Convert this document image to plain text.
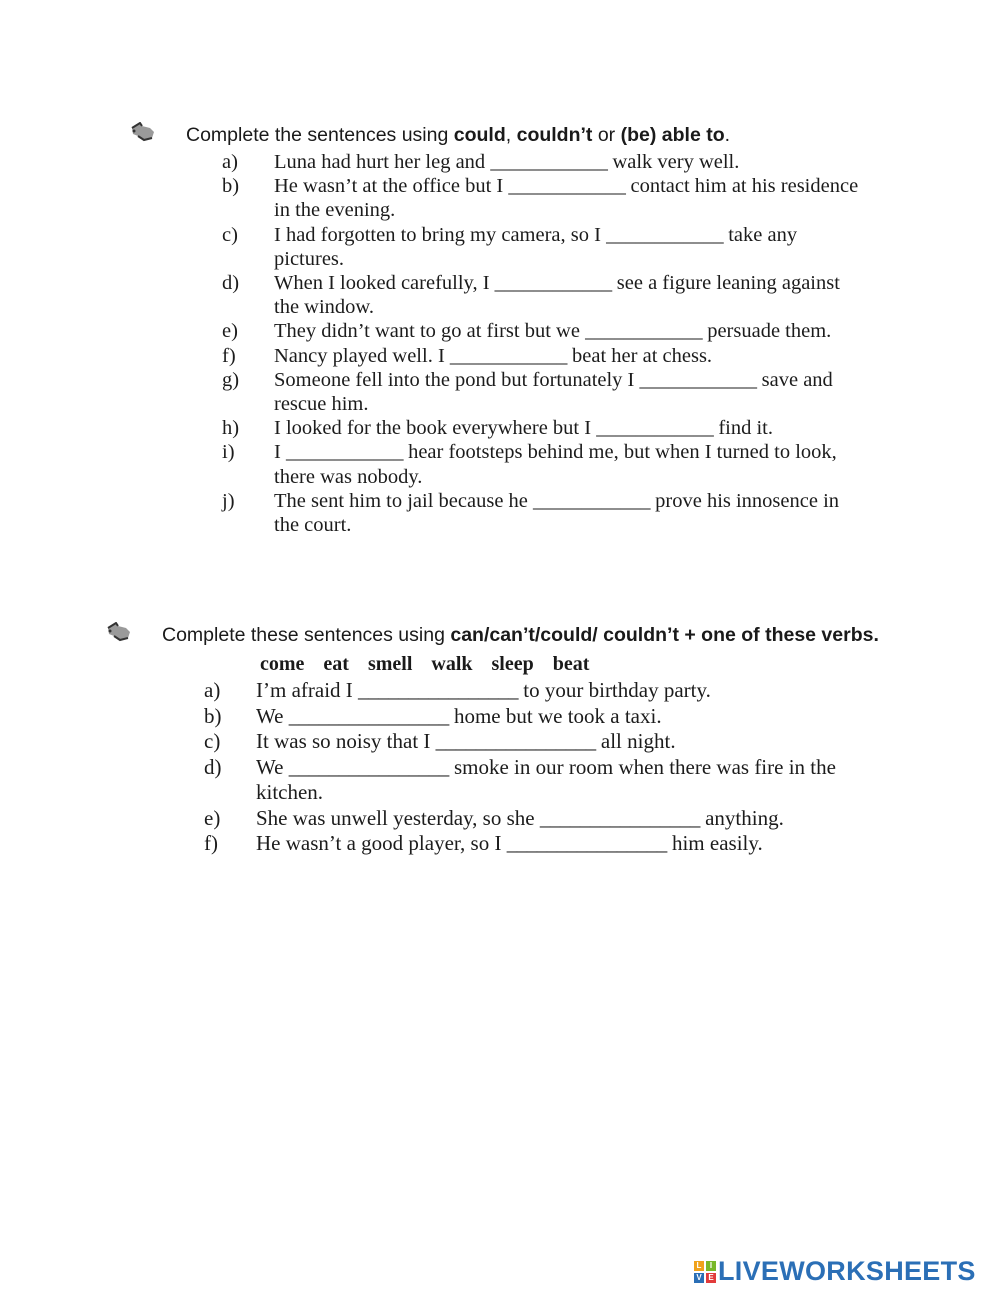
Complete the sentences using could, couldn’t or (be) able to.
a)	Luna had hurt her leg and ____________ walk very well.
b)	He wasn’t at the office but I ____________ contact him at his residence in the evening.
c)	I had forgotten to bring my camera, so I ____________ take any pictures.
d)	When I looked carefully, I ____________ see a figure leaning against the window.
e)	They didn’t want to go at first but we ____________ persuade them.
f)	Nancy played well. I ____________ beat her at chess.
g)	Someone fell into the pond but fortunately I ____________ save and rescue him.
h)	I looked for the book everywhere but I ____________ find it.
i)	I ____________ hear footsteps behind me, but when I turned to look, there was nobody.
j)	The sent him to jail because he ____________ prove his innosence in the court.
Complete these sentences using can/can’t/could/ couldn’t + one of these verbs.
come eat smell walk sleep beat
a)	I’m afraid I ________________ to your birthday party.
b)	We ________________ home but we took a taxi.
c)	It was so noisy that I ________________ all night.
d)	We ________________ smoke in our room when there was fire in the kitchen.
e)	She was unwell yesterday, so she ________________ anything.
f)	He wasn’t a good player, so I ________________ him easily.
L	I
V E LIVEWORKSHEETS
